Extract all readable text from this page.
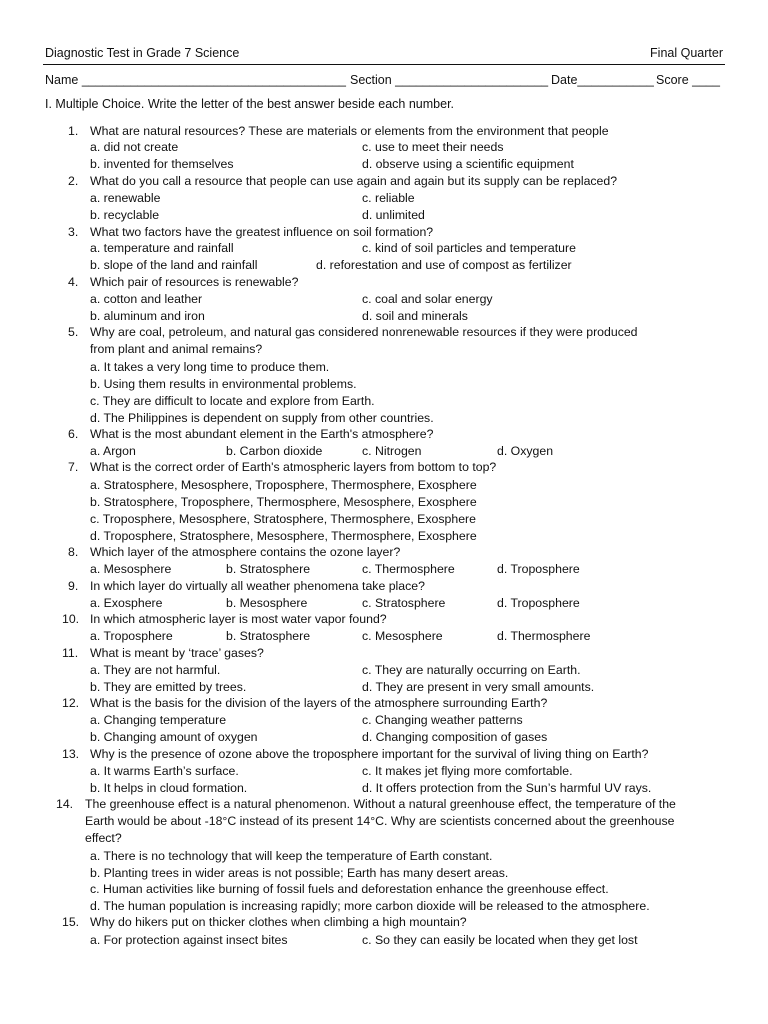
Diagnostic Test in Grade 7 Science	Final Quarter
Name ______________________________________ Section ______________________ Date___________ Score ____
I. Multiple Choice. Write the letter of the best answer beside each number.
1. What are natural resources? These are materials or elements from the environment that people
a. did not create	c. use to meet their needs
b. invented for themselves	d. observe using a scientific equipment
2. What do you call a resource that people can use again and again but its supply can be replaced?
a. renewable	c. reliable
b. recyclable	d. unlimited
3. What two factors have the greatest influence on soil formation?
a. temperature and rainfall	c. kind of soil particles and temperature
b. slope of the land and rainfall	d. reforestation and use of compost as fertilizer
4. Which pair of resources is renewable?
a. cotton and leather	c. coal and solar energy
b. aluminum and iron	d. soil and minerals
5. Why are coal, petroleum, and natural gas considered nonrenewable resources if they were produced
from plant and animal remains?
a. It takes a very long time to produce them.
b. Using them results in environmental problems.
c. They are difficult to locate and explore from Earth.
d. The Philippines is dependent on supply from other countries.
6. What is the most abundant element in the Earth's atmosphere?
a. Argon	b. Carbon dioxide	c. Nitrogen	d. Oxygen
7. What is the correct order of Earth's atmospheric layers from bottom to top?
a. Stratosphere, Mesosphere, Troposphere, Thermosphere, Exosphere
b. Stratosphere, Troposphere, Thermosphere, Mesosphere, Exosphere
c. Troposphere, Mesosphere, Stratosphere, Thermosphere, Exosphere
d. Troposphere, Stratosphere, Mesosphere, Thermosphere, Exosphere
8. Which layer of the atmosphere contains the ozone layer?
a. Mesosphere	b. Stratosphere	c. Thermosphere	d. Troposphere
9. In which layer do virtually all weather phenomena take place?
a. Exosphere	b. Mesosphere	c. Stratosphere	d. Troposphere
10. In which atmospheric layer is most water vapor found?
a. Troposphere	b. Stratosphere	c. Mesosphere	d. Thermosphere
11. What is meant by ‘trace’ gases?
a. They are not harmful.	c. They are naturally occurring on Earth.
b. They are emitted by trees.	d. They are present in very small amounts.
12. What is the basis for the division of the layers of the atmosphere surrounding Earth?
a. Changing temperature	c. Changing weather patterns
b. Changing amount of oxygen	d. Changing composition of gases
13. Why is the presence of ozone above the troposphere important for the survival of living thing on Earth?
a. It warms Earth’s surface.	c. It makes jet flying more comfortable.
b. It helps in cloud formation.	d. It offers protection from the Sun’s harmful UV rays.
14. The greenhouse effect is a natural phenomenon. Without a natural greenhouse effect, the temperature of the
Earth would be about -18°C instead of its present 14°C. Why are scientists concerned about the greenhouse
effect?
a. There is no technology that will keep the temperature of Earth constant.
b. Planting trees in wider areas is not possible; Earth has many desert areas.
c. Human activities like burning of fossil fuels and deforestation enhance the greenhouse effect.
d. The human population is increasing rapidly; more carbon dioxide will be released to the atmosphere.
15. Why do hikers put on thicker clothes when climbing a high mountain?
a. For protection against insect bites	c. So they can easily be located when they get lost
